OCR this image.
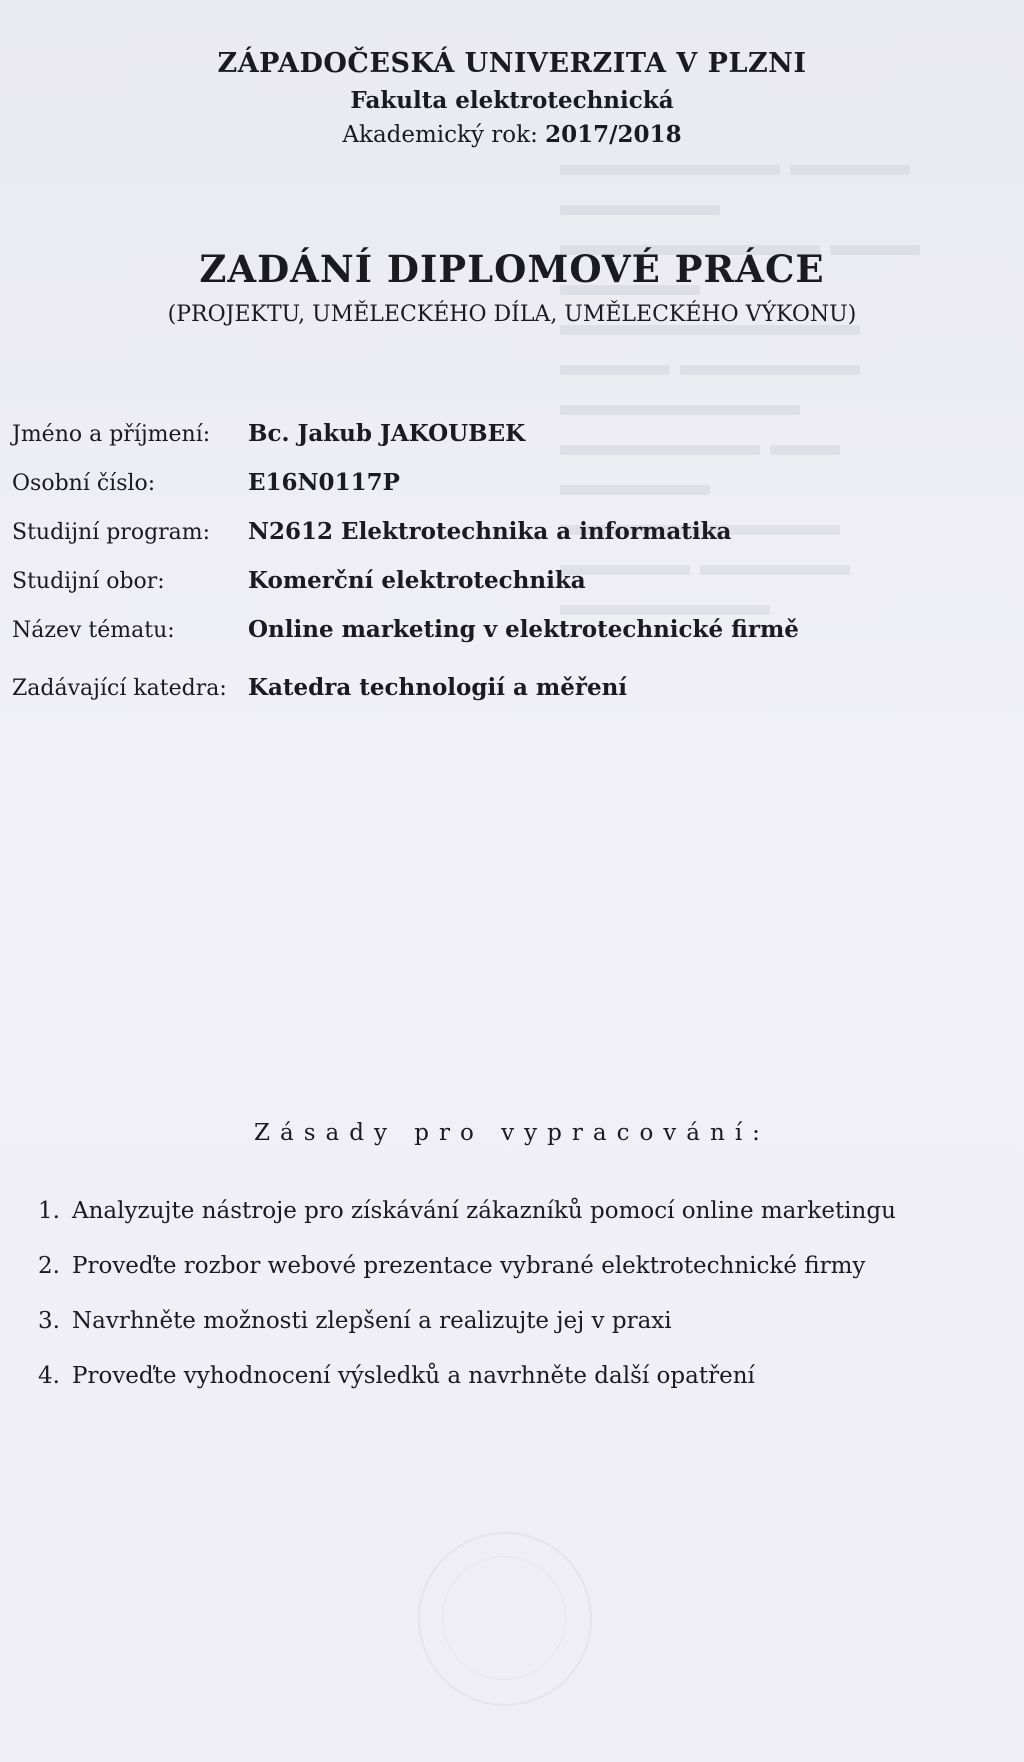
ZÁPADOČESKÁ UNIVERZITA V PLZNI

Fakulta elektrotechnická

Akademický rok: 2017/2018

ZADÁNÍ DIPLOMOVÉ PRÁCE

(PROJEKTU, UMĚLECKÉHO DÍLA, UMĚLECKÉHO VÝKONU)

Jméno a příjmení:	Bc. Jakub JAKOUBEK
Osobní číslo:	E16N0117P
Studijní program:	N2612 Elektrotechnika a informatika
Studijní obor:	Komerční elektrotechnika
Název tématu:	Online marketing v elektrotechnické firmě
Zadávající katedra: Katedra technologií a měření
Zásady pro vypracování:
1. Analyzujte nástroje pro získávání zákazníků pomocí online marketingu
2. Proveďte rozbor webové prezentace vybrané elektrotechnické firmy
3. Navrhněte možnosti zlepšení a realizujte jej v praxi
4. Proveďte vyhodnocení výsledků a navrhněte další opatření
